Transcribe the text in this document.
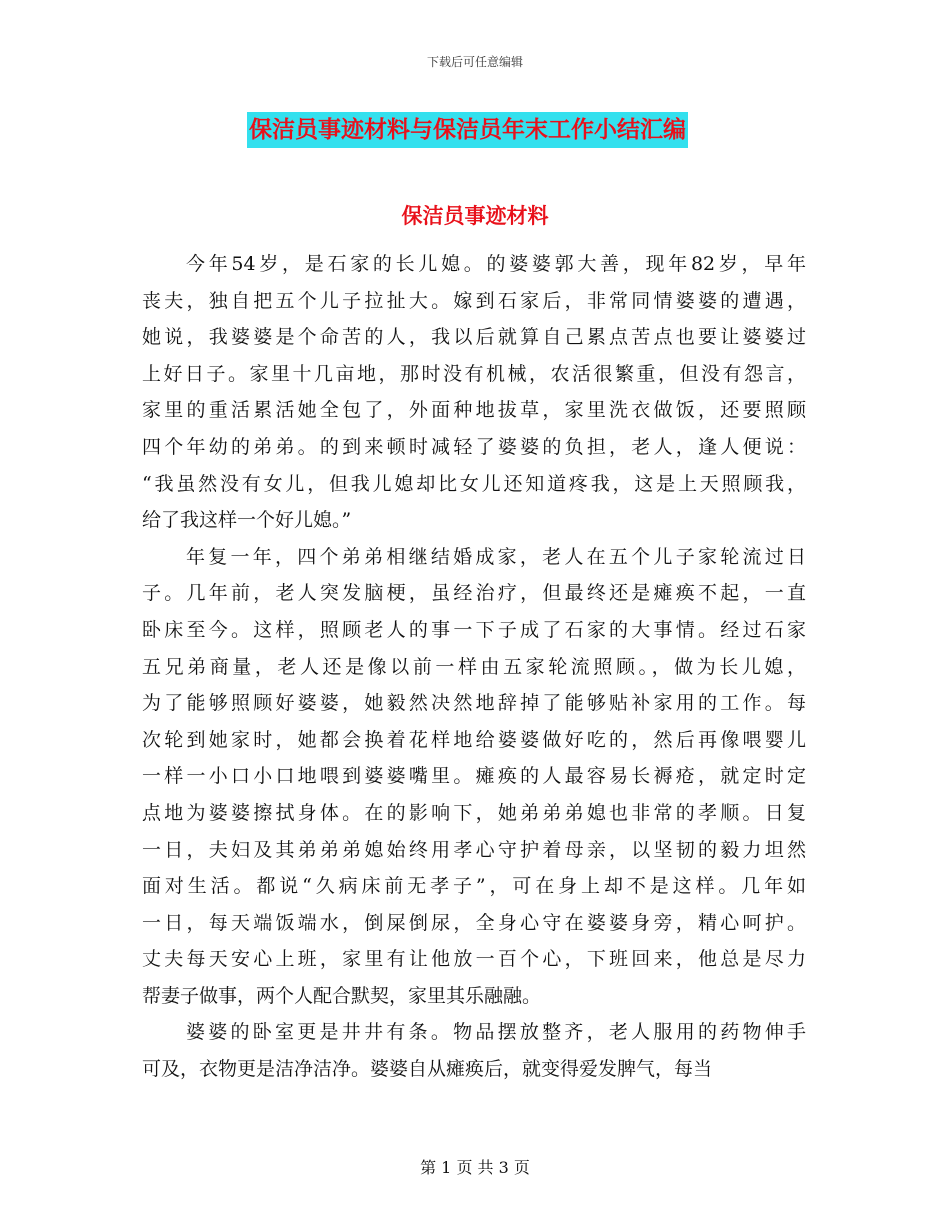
下载后可任意编辑
保洁员事迹材料与保洁员年末工作小结汇编
保洁员事迹材料
今年54岁，是石家的长儿媳。的婆婆郭大善，现年82岁，早年
丧夫，独自把五个儿子拉扯大。嫁到石家后，非常同情婆婆的遭遇，
她说，我婆婆是个命苦的人，我以后就算自己累点苦点也要让婆婆过
上好日子。家里十几亩地，那时没有机械，农活很繁重，但没有怨言，
家里的重活累活她全包了，外面种地拔草，家里洗衣做饭，还要照顾
四个年幼的弟弟。的到来顿时减轻了婆婆的负担，老人，逢人便说：
“我虽然没有女儿，但我儿媳却比女儿还知道疼我，这是上天照顾我，
给了我这样一个好儿媳。”
年复一年，四个弟弟相继结婚成家，老人在五个儿子家轮流过日
子。几年前，老人突发脑梗，虽经治疗，但最终还是瘫痪不起，一直
卧床至今。这样，照顾老人的事一下子成了石家的大事情。经过石家
五兄弟商量，老人还是像以前一样由五家轮流照顾。，做为长儿媳，
为了能够照顾好婆婆，她毅然决然地辞掉了能够贴补家用的工作。每
次轮到她家时，她都会换着花样地给婆婆做好吃的，然后再像喂婴儿
一样一小口小口地喂到婆婆嘴里。瘫痪的人最容易长褥疮，就定时定
点地为婆婆擦拭身体。在的影响下，她弟弟弟媳也非常的孝顺。日复
一日，夫妇及其弟弟弟媳始终用孝心守护着母亲，以坚韧的毅力坦然
面对生活。都说“久病床前无孝子”，可在身上却不是这样。几年如
一日，每天端饭端水，倒屎倒尿，全身心守在婆婆身旁，精心呵护。
丈夫每天安心上班，家里有让他放一百个心，下班回来，他总是尽力
帮妻子做事，两个人配合默契，家里其乐融融。
婆婆的卧室更是井井有条。物品摆放整齐，老人服用的药物伸手
可及，衣物更是洁净洁净。婆婆自从瘫痪后，就变得爱发脾气，每当
第 1 页 共 3 页
